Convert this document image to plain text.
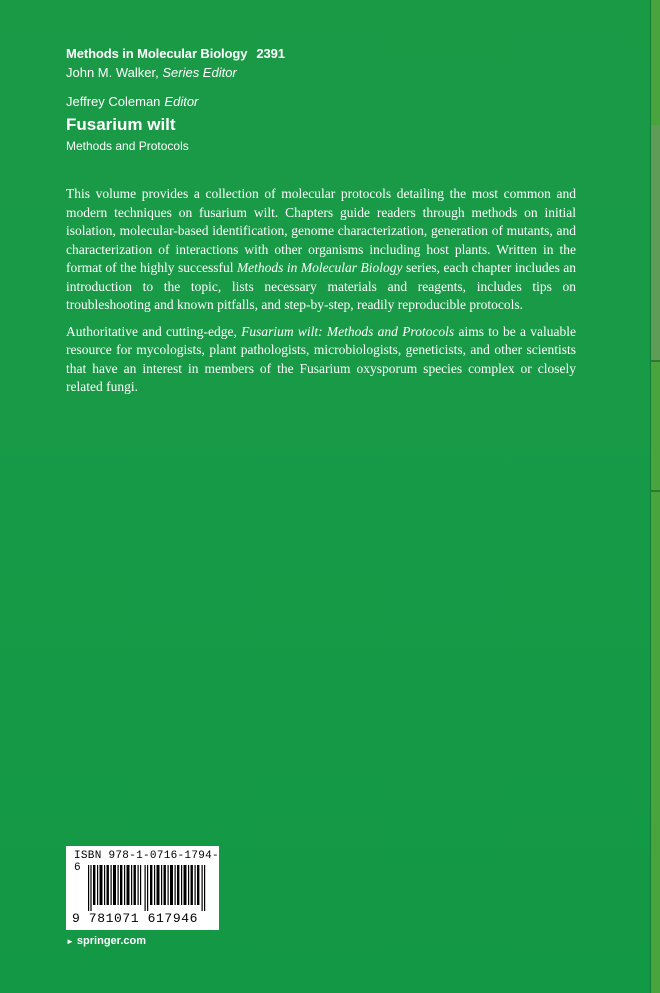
Methods in Molecular Biology 2391
John M. Walker, Series Editor
Jeffrey Coleman Editor
Fusarium wilt
Methods and Protocols

This volume provides a collection of molecular protocols detailing the most common and modern techniques on fusarium wilt. Chapters guide readers through methods on initial isolation, molecular-based identification, genome characterization, generation of mutants, and characterization of interactions with other organisms including host plants. Written in the format of the highly successful Methods in Molecular Biology series, each chapter includes an introduction to the topic, lists necessary materials and reagents, includes tips on troubleshooting and known pitfalls, and step-by-step, readily reproducible protocols.

Authoritative and cutting-edge, Fusarium wilt: Methods and Protocols aims to be a valuable resource for mycologists, plant pathologists, microbiologists, geneticists, and other scientists that have an interest in members of the Fusarium oxysporum species complex or closely related fungi.

ISBN 978-1-0716-1794-6
9 781071 617946
► springer.com
